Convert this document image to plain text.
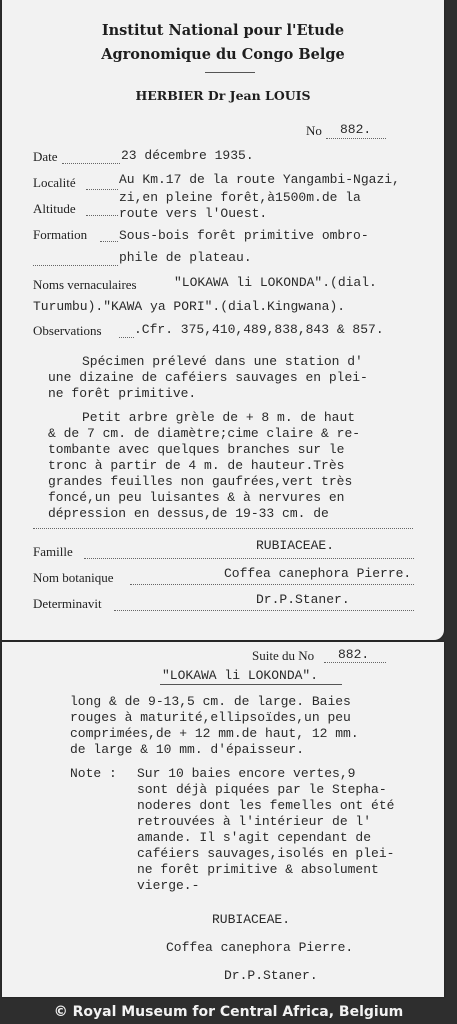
Institut National pour l'Etude
Agronomique du Congo Belge
HERBIER Dr Jean LOUIS
No 882.
Date	23 décembre 1935.
Localité	Au Km.17 de la route Yangambi-Ngazi,
zi,en pleine forêt,à1500m.de la
Altitude	route vers l'Ouest.
Formation Sous-bois forêt primitive ombro-
phile de plateau.
Noms vernaculaires	"LOKAWA li LOKONDA".(dial.
Turumbu)."KAWA ya PORI".(dial.Kingwana).
Observations .Cfr. 375,410,489,838,843 & 857.
Spécimen prélevé dans une station d'
une dizaine de caféiers sauvages en plei-
ne forêt primitive.
Petit arbre grèle de + 8 m. de haut
& de 7 cm. de diamètre;cime claire & re-
tombante avec quelques branches sur le
tronc à partir de 4 m. de hauteur.Très
grandes feuilles non gaufrées,vert très
foncé,un peu luisantes & à nervures en
dépression en dessus,de 19-33 cm. de
Famille	RUBIACEAE.
Nom botanique	Coffea canephora Pierre.
Determinavit	Dr.P.Staner.
Suite du No 882.
"LOKAWA li LOKONDA".
long & de 9-13,5 cm. de large. Baies
rouges à maturité,ellipsoïdes,un peu
comprimées,de + 12 mm.de haut, 12 mm.
de large & 10 mm. d'épaisseur.
Note : Sur 10 baies encore vertes,9
sont déjà piquées par le Stepha-
noderes dont les femelles ont été
retrouvées à l'intérieur de l'
amande. Il s'agit cependant de
caféiers sauvages,isolés en plei-
ne forêt primitive & absolument
vierge.-
RUBIACEAE.
Coffea canephora Pierre.
Dr.P.Staner.
© Royal Museum for Central Africa, Belgium
